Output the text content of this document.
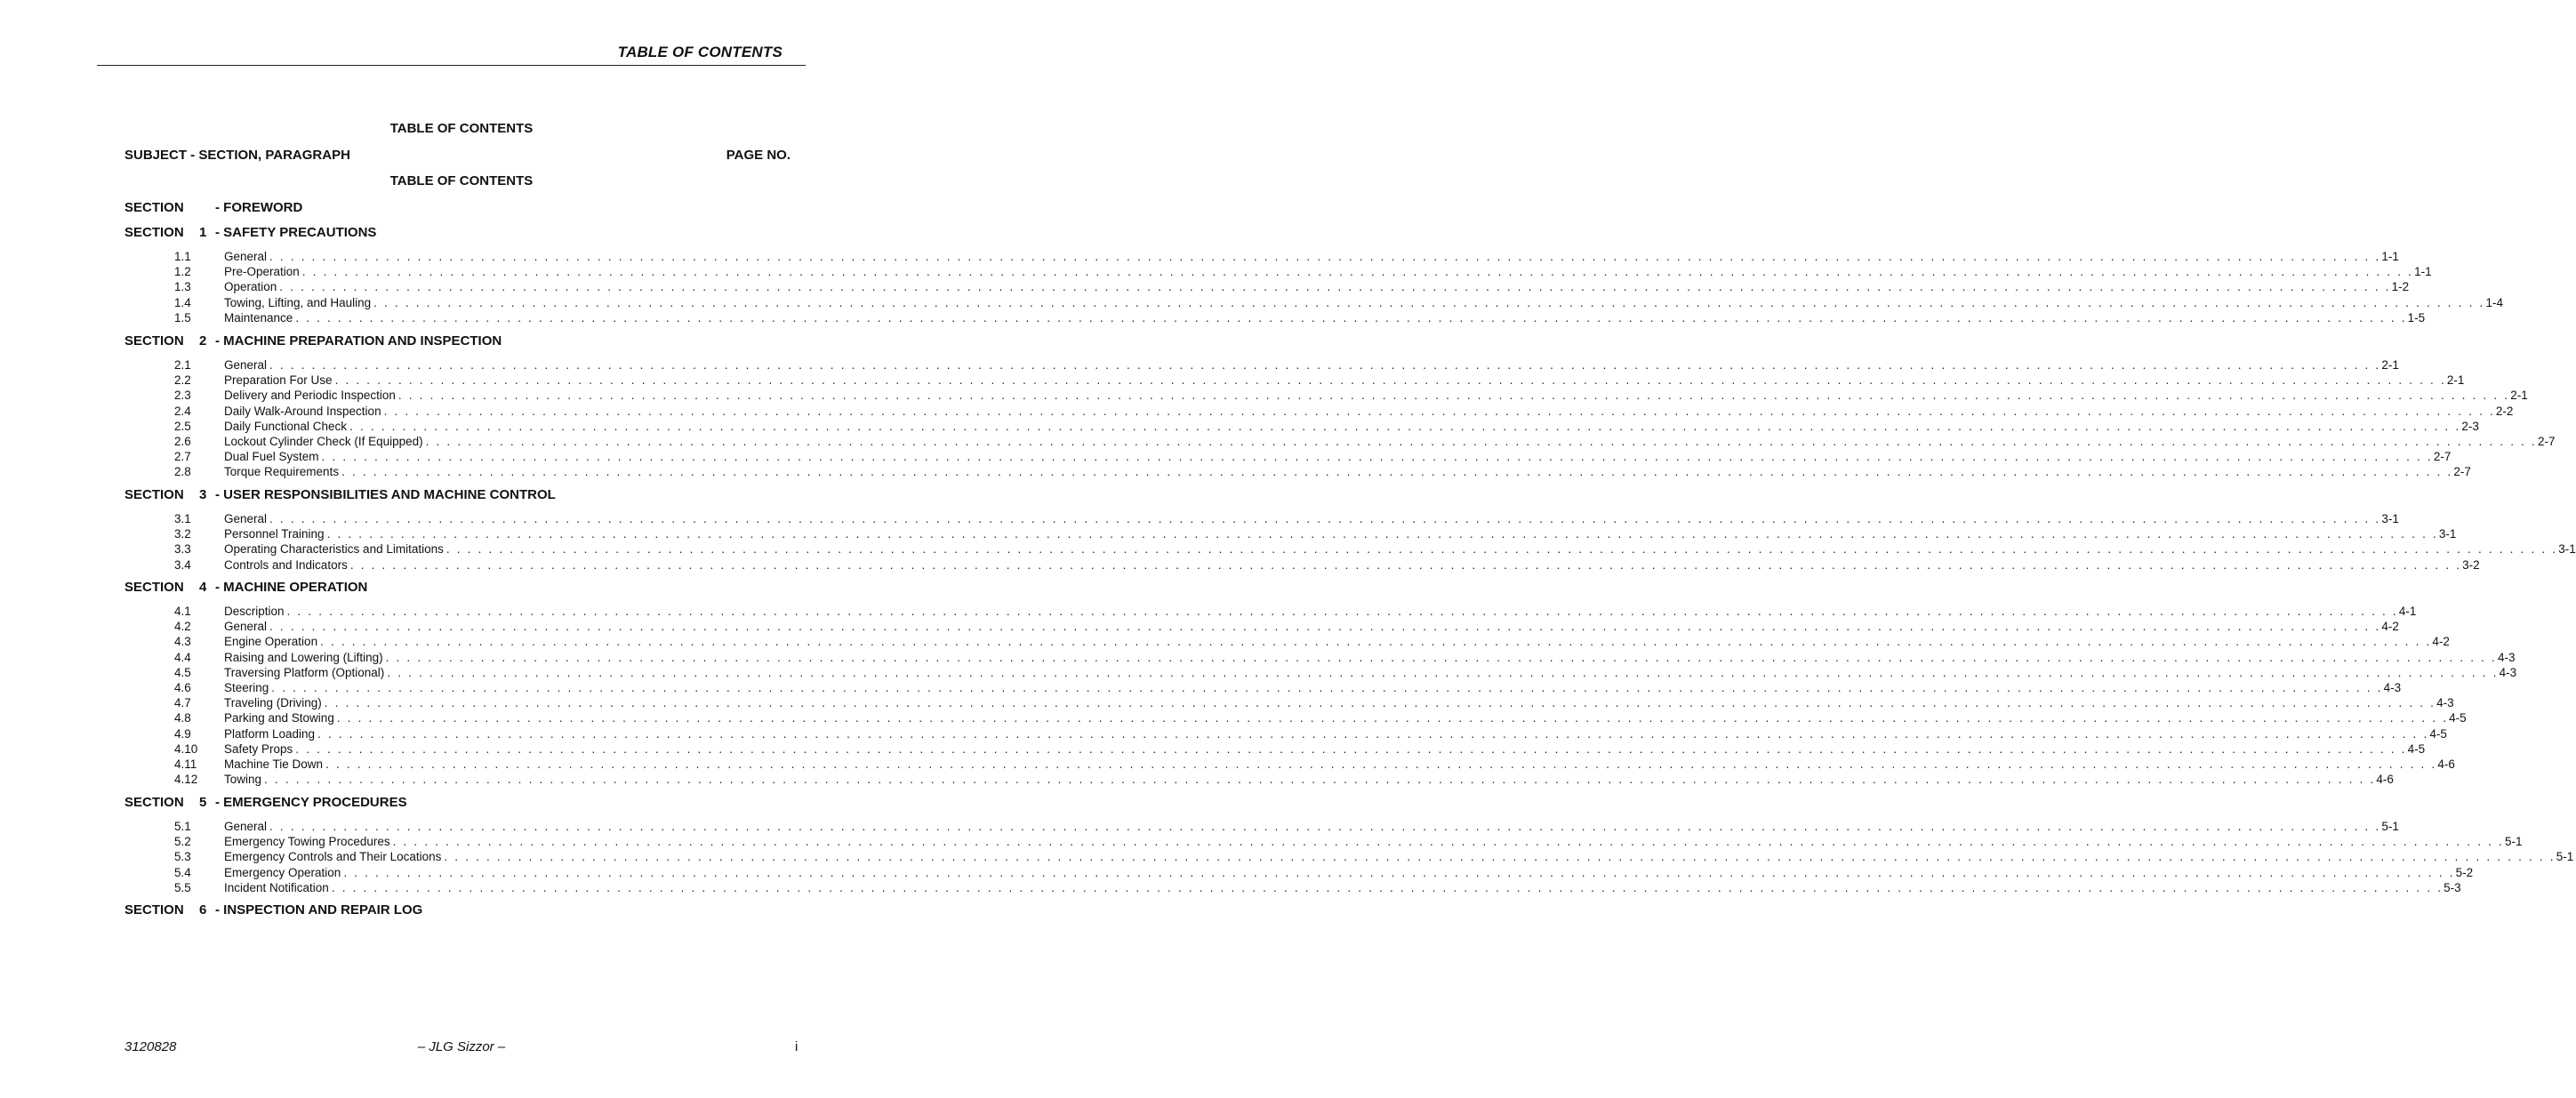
TABLE OF CONTENTS
TABLE OF CONTENTS
SUBJECT - SECTION, PARAGRAPH	PAGE NO.
TABLE OF CONTENTS
SECTION - FOREWORD
SECTION 1 - SAFETY PRECAUTIONS
1.1	General . . . . . . . . . . . . . . . . . . . . . . . . . . . . . . . . . . . . . . . . . . . . . . . . . . . . . . . . . . . . . . . . . . . . . . . . . . . . . . . . . . . . . . . . . . . . . . . . . . . . . . . . . . . . . . . . . . . . . . . . . . . . . . . . . . . . . . . . . . . . . . . . . . . . . . . . . . . . . . . . . . . . . . . . . . . . . . . . . . . . . . . . . . . . . . . . . . . . . . . . 1-1
1.2	Pre-Operation . . . . . . . . . . . . . . . . . . . . . . . . . . . . . . . . . . . . . . . . . . . . . . . . . . . . . . . . . . . . . . . . . . . . . . . . . . . . . . . . . . . . . . . . . . . . . . . . . . . . . . . . . . . . . . . . . . . . . . . . . . . . . . . . . . . . . . . . . . . . . . . . . . . . . . . . . . . . . . . . . . . . . . . . . . . . . . . . . . . . . . . . . . . . . . . . . . . . . . . . 1-1
1.3	Operation . . . . . . . . . . . . . . . . . . . . . . . . . . . . . . . . . . . . . . . . . . . . . . . . . . . . . . . . . . . . . . . . . . . . . . . . . . . . . . . . . . . . . . . . . . . . . . . . . . . . . . . . . . . . . . . . . . . . . . . . . . . . . . . . . . . . . . . . . . . . . . . . . . . . . . . . . . . . . . . . . . . . . . . . . . . . . . . . . . . . . . . . . . . . . . . . . . . . . . . . 1-2
1.4	Towing, Lifting, and Hauling . . . . . . . . . . . . . . . . . . . . . . . . . . . . . . . . . . . . . . . . . . . . . . . . . . . . . . . . . . . . . . . . . . . . . . . . . . . . . . . . . . . . . . . . . . . . . . . . . . . . . . . . . . . . . . . . . . . . . . . . . . . . . . . . . . . . . . . . . . . . . . . . . . . . . . . . . . . . . . . . . . . . . . . . . . . . . . . . . . . . . . . . . . . . . . . . . . . . . . . . 1-4
1.5	Maintenance . . . . . . . . . . . . . . . . . . . . . . . . . . . . . . . . . . . . . . . . . . . . . . . . . . . . . . . . . . . . . . . . . . . . . . . . . . . . . . . . . . . . . . . . . . . . . . . . . . . . . . . . . . . . . . . . . . . . . . . . . . . . . . . . . . . . . . . . . . . . . . . . . . . . . . . . . . . . . . . . . . . . . . . . . . . . . . . . . . . . . . . . . . . . . . . . . . . . . . . . 1-5
SECTION 2 - MACHINE PREPARATION AND INSPECTION
2.1	General . . . . . . . . . . . . . . . . . . . . . . . . . . . . . . . . . . . . . . . . . . . . . . . . . . . . . . . . . . . . . . . . . . . . . . . . . . . . . . . . . . . . . . . . . . . . . . . . . . . . . . . . . . . . . . . . . . . . . . . . . . . . . . . . . . . . . . . . . . . . . . . . . . . . . . . . . . . . . . . . . . . . . . . . . . . . . . . . . . . . . . . . . . . . . . . . . . . . . . . . 2-1
2.2	Preparation For Use . . . . . . . . . . . . . . . . . . . . . . . . . . . . . . . . . . . . . . . . . . . . . . . . . . . . . . . . . . . . . . . . . . . . . . . . . . . . . . . . . . . . . . . . . . . . . . . . . . . . . . . . . . . . . . . . . . . . . . . . . . . . . . . . . . . . . . . . . . . . . . . . . . . . . . . . . . . . . . . . . . . . . . . . . . . . . . . . . . . . . . . . . . . . . . . . . . . . . . . . 2-1
2.3	Delivery and Periodic Inspection . . . . . . . . . . . . . . . . . . . . . . . . . . . . . . . . . . . . . . . . . . . . . . . . . . . . . . . . . . . . . . . . . . . . . . . . . . . . . . . . . . . . . . . . . . . . . . . . . . . . . . . . . . . . . . . . . . . . . . . . . . . . . . . . . . . . . . . . . . . . . . . . . . . . . . . . . . . . . . . . . . . . . . . . . . . . . . . . . . . . . . . . . . . . . . . . . . . . . . . . 2-1
2.4	Daily Walk-Around Inspection . . . . . . . . . . . . . . . . . . . . . . . . . . . . . . . . . . . . . . . . . . . . . . . . . . . . . . . . . . . . . . . . . . . . . . . . . . . . . . . . . . . . . . . . . . . . . . . . . . . . . . . . . . . . . . . . . . . . . . . . . . . . . . . . . . . . . . . . . . . . . . . . . . . . . . . . . . . . . . . . . . . . . . . . . . . . . . . . . . . . . . . . . . . . . . . . . . . . . . . . 2-2
2.5	Daily Functional Check . . . . . . . . . . . . . . . . . . . . . . . . . . . . . . . . . . . . . . . . . . . . . . . . . . . . . . . . . . . . . . . . . . . . . . . . . . . . . . . . . . . . . . . . . . . . . . . . . . . . . . . . . . . . . . . . . . . . . . . . . . . . . . . . . . . . . . . . . . . . . . . . . . . . . . . . . . . . . . . . . . . . . . . . . . . . . . . . . . . . . . . . . . . . . . . . . . . . . . . . 2-3
2.6	Lockout Cylinder Check (If Equipped) . . . . . . . . . . . . . . . . . . . . . . . . . . . . . . . . . . . . . . . . . . . . . . . . . . . . . . . . . . . . . . . . . . . . . . . . . . . . . . . . . . . . . . . . . . . . . . . . . . . . . . . . . . . . . . . . . . . . . . . . . . . . . . . . . . . . . . . . . . . . . . . . . . . . . . . . . . . . . . . . . . . . . . . . . . . . . . . . . . . . . . . . . . . . . . . . . . . . . . . . 2-7
2.7	Dual Fuel System . . . . . . . . . . . . . . . . . . . . . . . . . . . . . . . . . . . . . . . . . . . . . . . . . . . . . . . . . . . . . . . . . . . . . . . . . . . . . . . . . . . . . . . . . . . . . . . . . . . . . . . . . . . . . . . . . . . . . . . . . . . . . . . . . . . . . . . . . . . . . . . . . . . . . . . . . . . . . . . . . . . . . . . . . . . . . . . . . . . . . . . . . . . . . . . . . . . . . . . . 2-7
2.8	Torque Requirements . . . . . . . . . . . . . . . . . . . . . . . . . . . . . . . . . . . . . . . . . . . . . . . . . . . . . . . . . . . . . . . . . . . . . . . . . . . . . . . . . . . . . . . . . . . . . . . . . . . . . . . . . . . . . . . . . . . . . . . . . . . . . . . . . . . . . . . . . . . . . . . . . . . . . . . . . . . . . . . . . . . . . . . . . . . . . . . . . . . . . . . . . . . . . . . . . . . . . . . . 2-7
SECTION 3 - USER RESPONSIBILITIES AND MACHINE CONTROL
3.1	General . . . . . . . . . . . . . . . . . . . . . . . . . . . . . . . . . . . . . . . . . . . . . . . . . . . . . . . . . . . . . . . . . . . . . . . . . . . . . . . . . . . . . . . . . . . . . . . . . . . . . . . . . . . . . . . . . . . . . . . . . . . . . . . . . . . . . . . . . . . . . . . . . . . . . . . . . . . . . . . . . . . . . . . . . . . . . . . . . . . . . . . . . . . . . . . . . . . . . . . . 3-1
3.2	Personnel Training . . . . . . . . . . . . . . . . . . . . . . . . . . . . . . . . . . . . . . . . . . . . . . . . . . . . . . . . . . . . . . . . . . . . . . . . . . . . . . . . . . . . . . . . . . . . . . . . . . . . . . . . . . . . . . . . . . . . . . . . . . . . . . . . . . . . . . . . . . . . . . . . . . . . . . . . . . . . . . . . . . . . . . . . . . . . . . . . . . . . . . . . . . . . . . . . . . . . . . . . 3-1
3.3	Operating Characteristics and Limitations . . . . . . . . . . . . . . . . . . . . . . . . . . . . . . . . . . . . . . . . . . . . . . . . . . . . . . . . . . . . . . . . . . . . . . . . . . . . . . . . . . . . . . . . . . . . . . . . . . . . . . . . . . . . . . . . . . . . . . . . . . . . . . . . . . . . . . . . . . . . . . . . . . . . . . . . . . . . . . . . . . . . . . . . . . . . . . . . . . . . . . . . . . . . . . . . . . . . . . . . 3-1
3.4	Controls and Indicators . . . . . . . . . . . . . . . . . . . . . . . . . . . . . . . . . . . . . . . . . . . . . . . . . . . . . . . . . . . . . . . . . . . . . . . . . . . . . . . . . . . . . . . . . . . . . . . . . . . . . . . . . . . . . . . . . . . . . . . . . . . . . . . . . . . . . . . . . . . . . . . . . . . . . . . . . . . . . . . . . . . . . . . . . . . . . . . . . . . . . . . . . . . . . . . . . . . . . . . . 3-2
SECTION 4 - MACHINE OPERATION
4.1	Description . . . . . . . . . . . . . . . . . . . . . . . . . . . . . . . . . . . . . . . . . . . . . . . . . . . . . . . . . . . . . . . . . . . . . . . . . . . . . . . . . . . . . . . . . . . . . . . . . . . . . . . . . . . . . . . . . . . . . . . . . . . . . . . . . . . . . . . . . . . . . . . . . . . . . . . . . . . . . . . . . . . . . . . . . . . . . . . . . . . . . . . . . . . . . . . . . . . . . . . . 4-1
4.2	General . . . . . . . . . . . . . . . . . . . . . . . . . . . . . . . . . . . . . . . . . . . . . . . . . . . . . . . . . . . . . . . . . . . . . . . . . . . . . . . . . . . . . . . . . . . . . . . . . . . . . . . . . . . . . . . . . . . . . . . . . . . . . . . . . . . . . . . . . . . . . . . . . . . . . . . . . . . . . . . . . . . . . . . . . . . . . . . . . . . . . . . . . . . . . . . . . . . . . . . . 4-2
4.3	Engine Operation . . . . . . . . . . . . . . . . . . . . . . . . . . . . . . . . . . . . . . . . . . . . . . . . . . . . . . . . . . . . . . . . . . . . . . . . . . . . . . . . . . . . . . . . . . . . . . . . . . . . . . . . . . . . . . . . . . . . . . . . . . . . . . . . . . . . . . . . . . . . . . . . . . . . . . . . . . . . . . . . . . . . . . . . . . . . . . . . . . . . . . . . . . . . . . . . . . . . . . . . 4-2
4.4	Raising and Lowering (Lifting) . . . . . . . . . . . . . . . . . . . . . . . . . . . . . . . . . . . . . . . . . . . . . . . . . . . . . . . . . . . . . . . . . . . . . . . . . . . . . . . . . . . . . . . . . . . . . . . . . . . . . . . . . . . . . . . . . . . . . . . . . . . . . . . . . . . . . . . . . . . . . . . . . . . . . . . . . . . . . . . . . . . . . . . . . . . . . . . . . . . . . . . . . . . . . . . . . . . . . . . . 4-3
4.5	Traversing Platform (Optional) . . . . . . . . . . . . . . . . . . . . . . . . . . . . . . . . . . . . . . . . . . . . . . . . . . . . . . . . . . . . . . . . . . . . . . . . . . . . . . . . . . . . . . . . . . . . . . . . . . . . . . . . . . . . . . . . . . . . . . . . . . . . . . . . . . . . . . . . . . . . . . . . . . . . . . . . . . . . . . . . . . . . . . . . . . . . . . . . . . . . . . . . . . . . . . . . . . . . . . . . 4-3
4.6	Steering . . . . . . . . . . . . . . . . . . . . . . . . . . . . . . . . . . . . . . . . . . . . . . . . . . . . . . . . . . . . . . . . . . . . . . . . . . . . . . . . . . . . . . . . . . . . . . . . . . . . . . . . . . . . . . . . . . . . . . . . . . . . . . . . . . . . . . . . . . . . . . . . . . . . . . . . . . . . . . . . . . . . . . . . . . . . . . . . . . . . . . . . . . . . . . . . . . . . . . . . 4-3
4.7	Traveling (Driving) . . . . . . . . . . . . . . . . . . . . . . . . . . . . . . . . . . . . . . . . . . . . . . . . . . . . . . . . . . . . . . . . . . . . . . . . . . . . . . . . . . . . . . . . . . . . . . . . . . . . . . . . . . . . . . . . . . . . . . . . . . . . . . . . . . . . . . . . . . . . . . . . . . . . . . . . . . . . . . . . . . . . . . . . . . . . . . . . . . . . . . . . . . . . . . . . . . . . . . . . 4-3
4.8	Parking and Stowing . . . . . . . . . . . . . . . . . . . . . . . . . . . . . . . . . . . . . . . . . . . . . . . . . . . . . . . . . . . . . . . . . . . . . . . . . . . . . . . . . . . . . . . . . . . . . . . . . . . . . . . . . . . . . . . . . . . . . . . . . . . . . . . . . . . . . . . . . . . . . . . . . . . . . . . . . . . . . . . . . . . . . . . . . . . . . . . . . . . . . . . . . . . . . . . . . . . . . . . . 4-5
4.9	Platform Loading . . . . . . . . . . . . . . . . . . . . . . . . . . . . . . . . . . . . . . . . . . . . . . . . . . . . . . . . . . . . . . . . . . . . . . . . . . . . . . . . . . . . . . . . . . . . . . . . . . . . . . . . . . . . . . . . . . . . . . . . . . . . . . . . . . . . . . . . . . . . . . . . . . . . . . . . . . . . . . . . . . . . . . . . . . . . . . . . . . . . . . . . . . . . . . . . . . . . . . . . 4-5
4.10	Safety Props . . . . . . . . . . . . . . . . . . . . . . . . . . . . . . . . . . . . . . . . . . . . . . . . . . . . . . . . . . . . . . . . . . . . . . . . . . . . . . . . . . . . . . . . . . . . . . . . . . . . . . . . . . . . . . . . . . . . . . . . . . . . . . . . . . . . . . . . . . . . . . . . . . . . . . . . . . . . . . . . . . . . . . . . . . . . . . . . . . . . . . . . . . . . . . . . . . . . . . . . 4-5
4.11	Machine Tie Down . . . . . . . . . . . . . . . . . . . . . . . . . . . . . . . . . . . . . . . . . . . . . . . . . . . . . . . . . . . . . . . . . . . . . . . . . . . . . . . . . . . . . . . . . . . . . . . . . . . . . . . . . . . . . . . . . . . . . . . . . . . . . . . . . . . . . . . . . . . . . . . . . . . . . . . . . . . . . . . . . . . . . . . . . . . . . . . . . . . . . . . . . . . . . . . . . . . . . . . . 4-6
4.12	Towing . . . . . . . . . . . . . . . . . . . . . . . . . . . . . . . . . . . . . . . . . . . . . . . . . . . . . . . . . . . . . . . . . . . . . . . . . . . . . . . . . . . . . . . . . . . . . . . . . . . . . . . . . . . . . . . . . . . . . . . . . . . . . . . . . . . . . . . . . . . . . . . . . . . . . . . . . . . . . . . . . . . . . . . . . . . . . . . . . . . . . . . . . . . . . . . . . . . . . . . . 4-6
SECTION 5 - EMERGENCY PROCEDURES
5.1	General . . . . . . . . . . . . . . . . . . . . . . . . . . . . . . . . . . . . . . . . . . . . . . . . . . . . . . . . . . . . . . . . . . . . . . . . . . . . . . . . . . . . . . . . . . . . . . . . . . . . . . . . . . . . . . . . . . . . . . . . . . . . . . . . . . . . . . . . . . . . . . . . . . . . . . . . . . . . . . . . . . . . . . . . . . . . . . . . . . . . . . . . . . . . . . . . . . . . . . . . 5-1
5.2	Emergency Towing Procedures . . . . . . . . . . . . . . . . . . . . . . . . . . . . . . . . . . . . . . . . . . . . . . . . . . . . . . . . . . . . . . . . . . . . . . . . . . . . . . . . . . . . . . . . . . . . . . . . . . . . . . . . . . . . . . . . . . . . . . . . . . . . . . . . . . . . . . . . . . . . . . . . . . . . . . . . . . . . . . . . . . . . . . . . . . . . . . . . . . . . . . . . . . . . . . . . . . . . . . . . 5-1
5.3	Emergency Controls and Their Locations . . . . . . . . . . . . . . . . . . . . . . . . . . . . . . . . . . . . . . . . . . . . . . . . . . . . . . . . . . . . . . . . . . . . . . . . . . . . . . . . . . . . . . . . . . . . . . . . . . . . . . . . . . . . . . . . . . . . . . . . . . . . . . . . . . . . . . . . . . . . . . . . . . . . . . . . . . . . . . . . . . . . . . . . . . . . . . . . . . . . . . . . . . . . . . . . . . . . . . . . 5-1
5.4	Emergency Operation . . . . . . . . . . . . . . . . . . . . . . . . . . . . . . . . . . . . . . . . . . . . . . . . . . . . . . . . . . . . . . . . . . . . . . . . . . . . . . . . . . . . . . . . . . . . . . . . . . . . . . . . . . . . . . . . . . . . . . . . . . . . . . . . . . . . . . . . . . . . . . . . . . . . . . . . . . . . . . . . . . . . . . . . . . . . . . . . . . . . . . . . . . . . . . . . . . . . . . . . 5-2
5.5	Incident Notification . . . . . . . . . . . . . . . . . . . . . . . . . . . . . . . . . . . . . . . . . . . . . . . . . . . . . . . . . . . . . . . . . . . . . . . . . . . . . . . . . . . . . . . . . . . . . . . . . . . . . . . . . . . . . . . . . . . . . . . . . . . . . . . . . . . . . . . . . . . . . . . . . . . . . . . . . . . . . . . . . . . . . . . . . . . . . . . . . . . . . . . . . . . . . . . . . . . . . . . . 5-3
SECTION 6 - INSPECTION AND REPAIR LOG
3120828	– JLG Sizzor –	i
